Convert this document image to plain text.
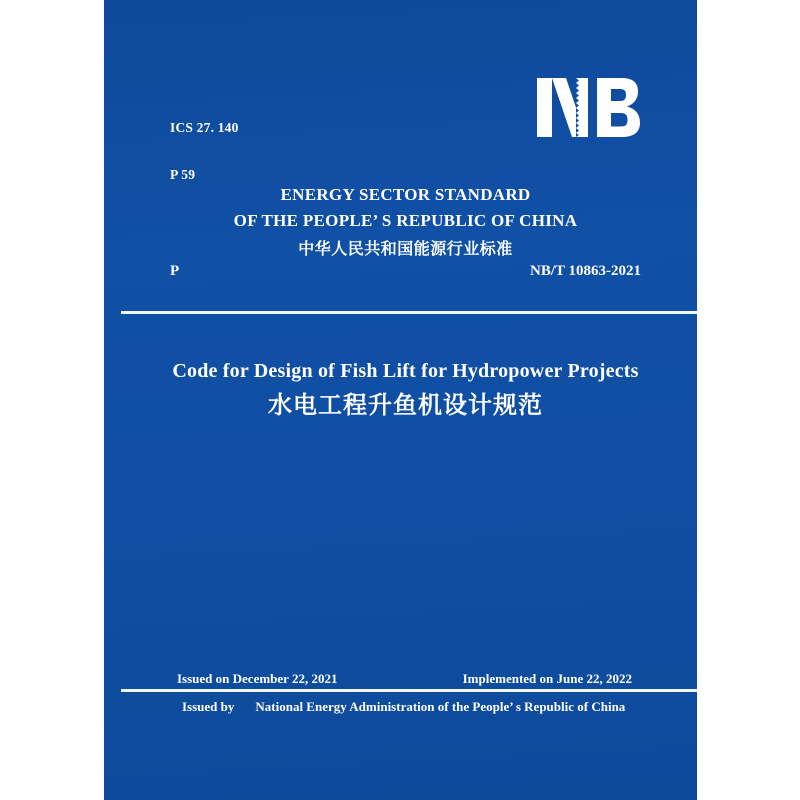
ICS 27. 140

P 59

ENERGY SECTOR STANDARD
OF THE PEOPLE’ S REPUBLIC OF CHINA
中华人民共和国能源行业标准
P	NB/T 10863-2021
Code for Design of Fish Lift for Hydropower Projects
水电工程升鱼机设计规范
Issued on December 22, 2021	Implemented on June 22, 2022
Issued by National Energy Administration of the People’ s Republic of China
